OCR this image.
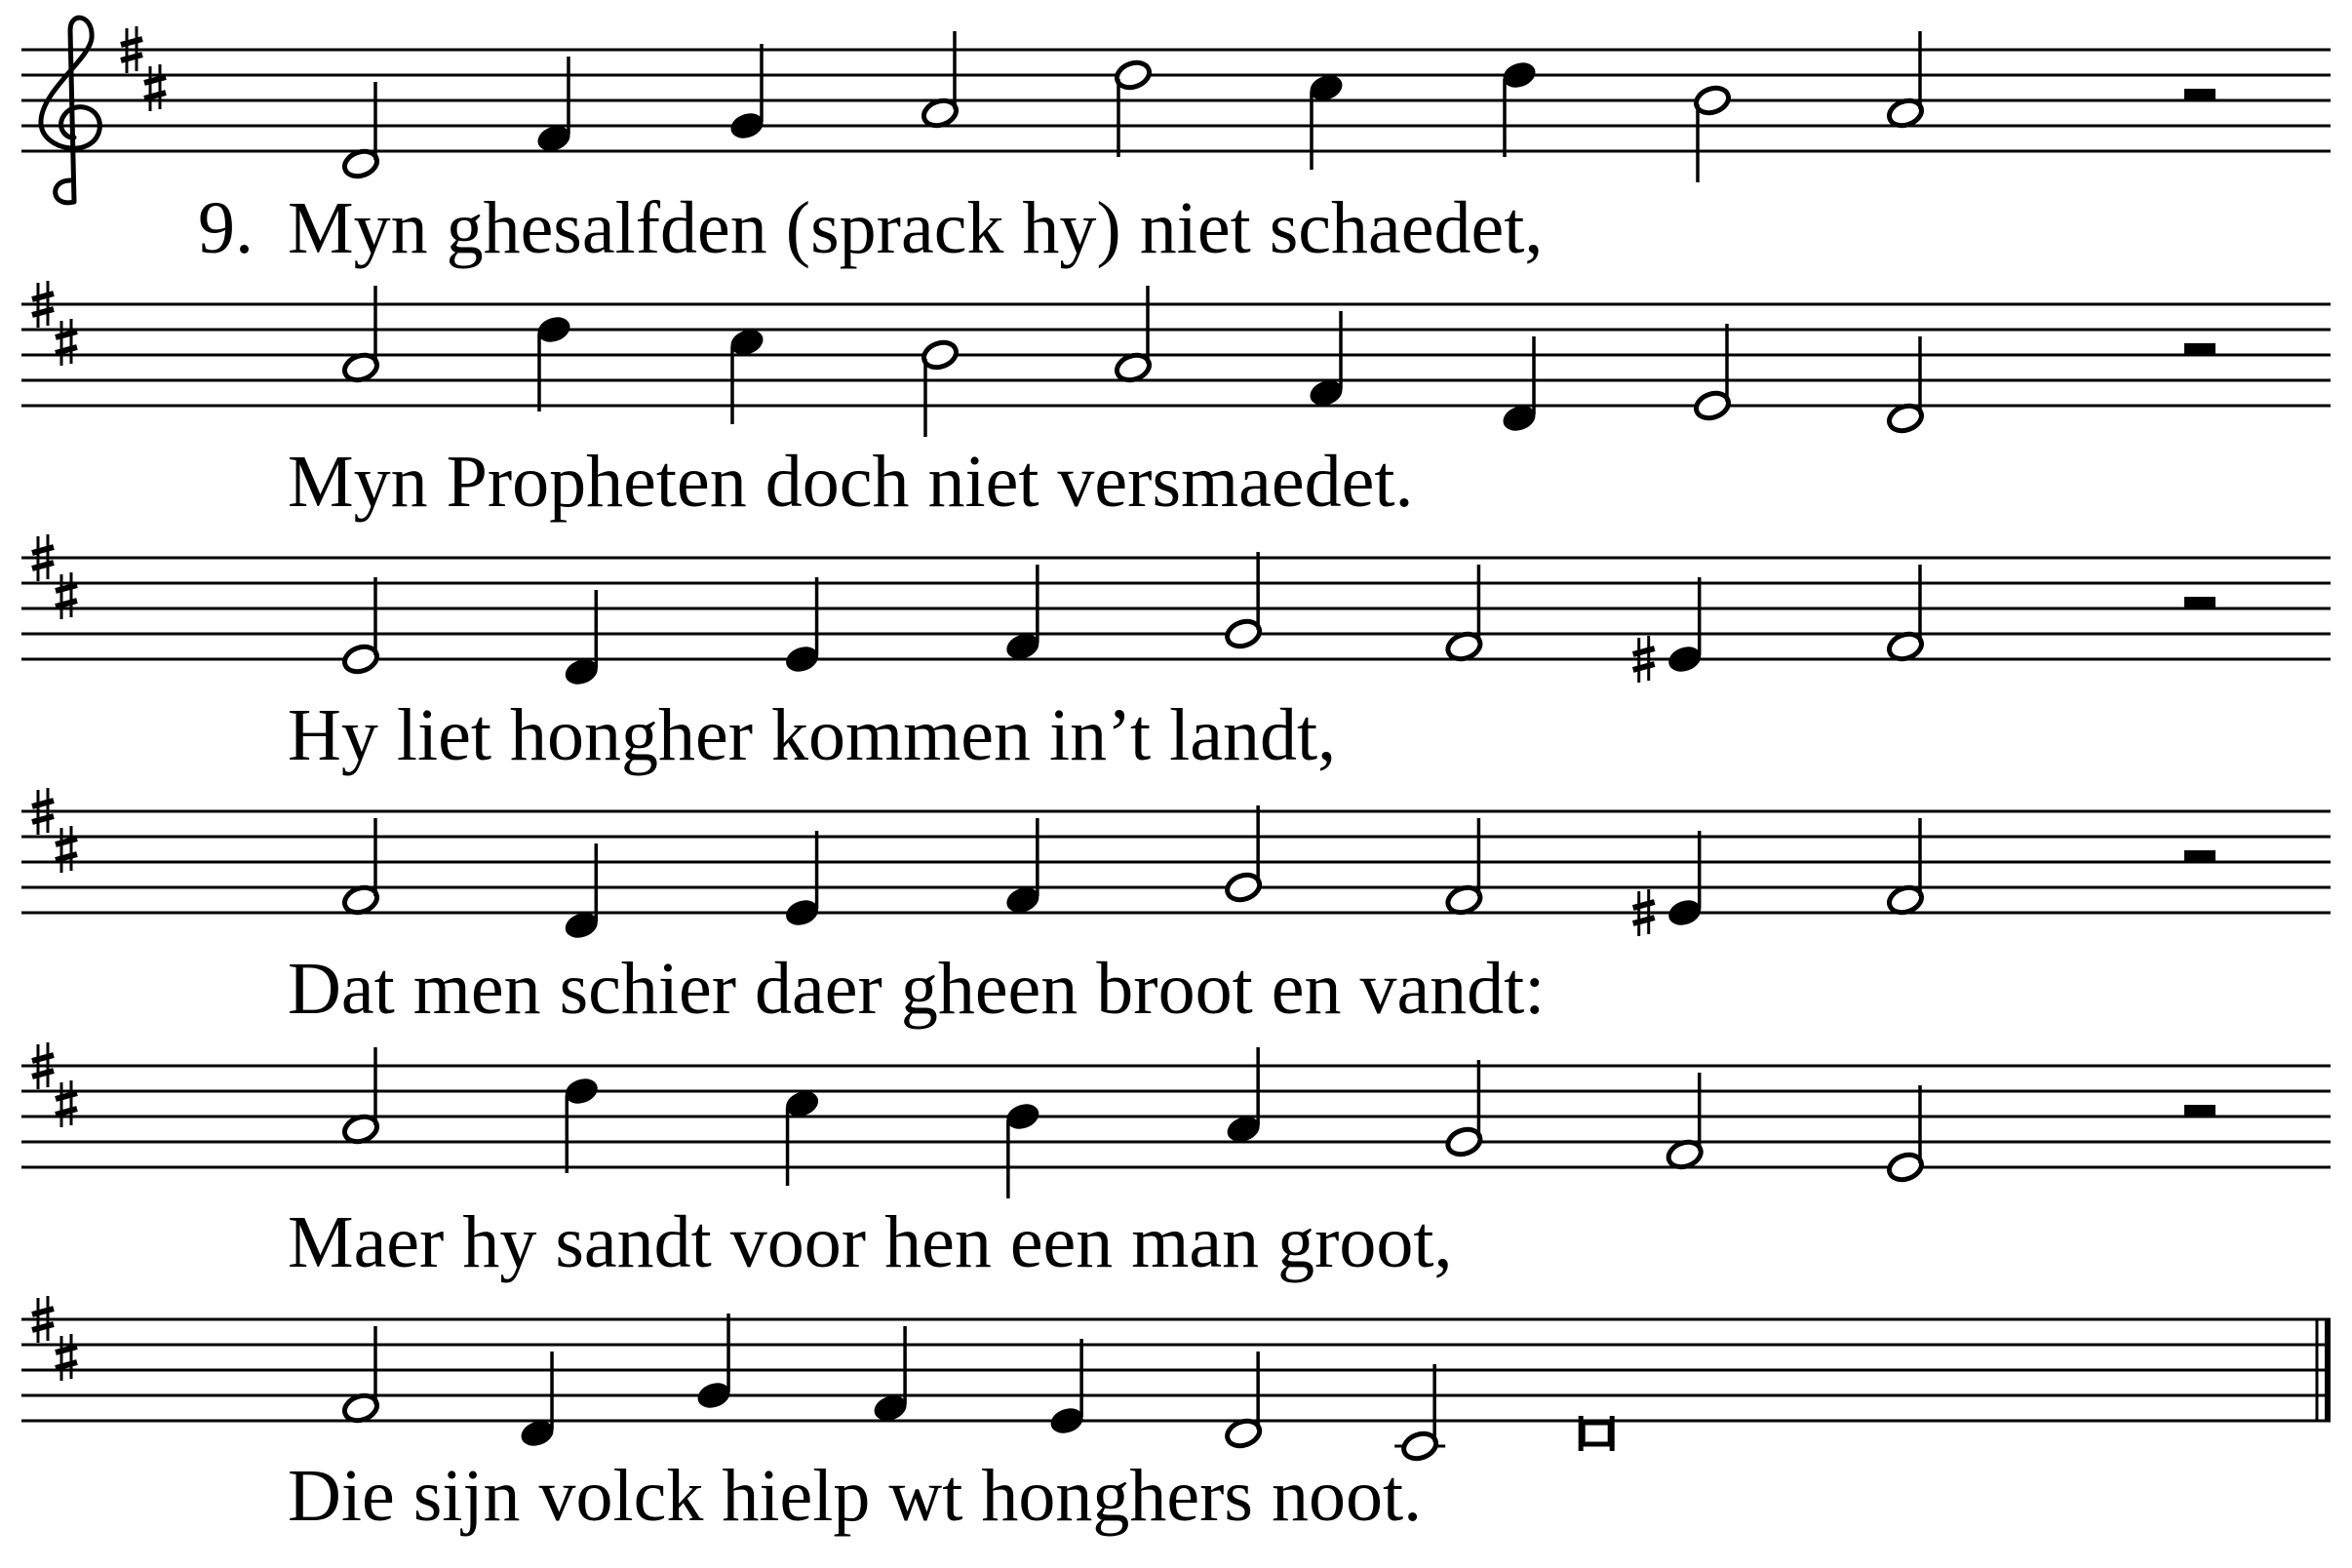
9. Myn ghesalfden (sprack hy) niet schaedet,
Myn Propheten doch niet versmaedet.
Hy liet hongher kommen in’t landt,
Dat men schier daer gheen broot en vandt:
Maer hy sandt voor hen een man groot,
Die sijn volck hielp wt honghers noot.
